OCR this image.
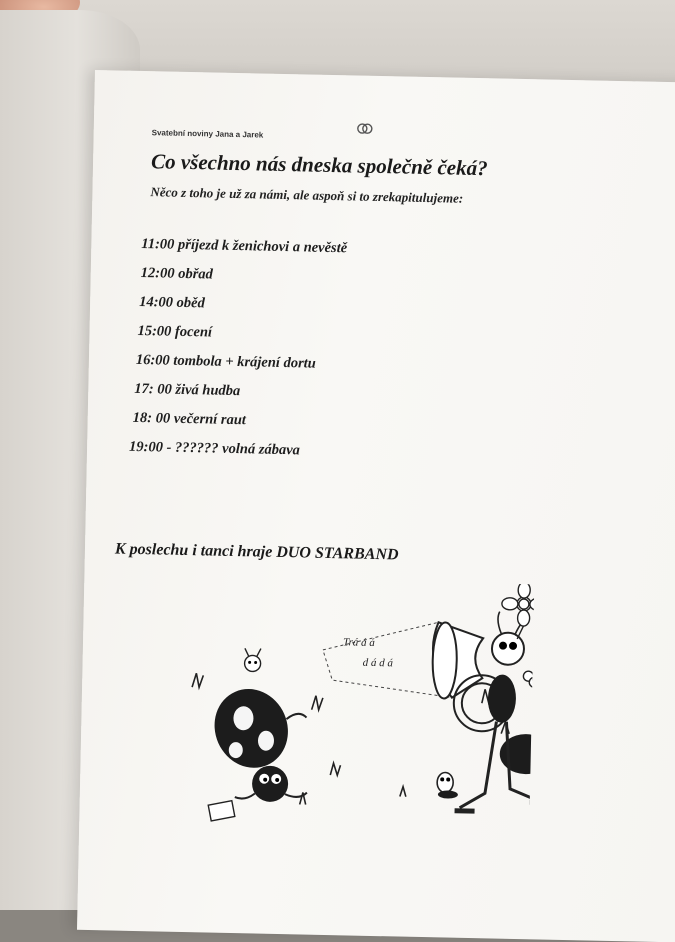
Svatební noviny Jana a Jarek
Co všechno nás dneska společně čeká?
Něco z toho je už za námi, ale aspoň si to zrekapitulujeme:
11:00 příjezd k ženichovi a nevěstě
12:00 obřad
14:00 oběd
15:00 focení
16:00 tombola + krájení dortu
17: 00 živá hudba
18: 00 večerní raut
19:00 - ?????? volná zábava
K poslechu i tanci hraje DUO STARBAND
Trá á á
d á d á
